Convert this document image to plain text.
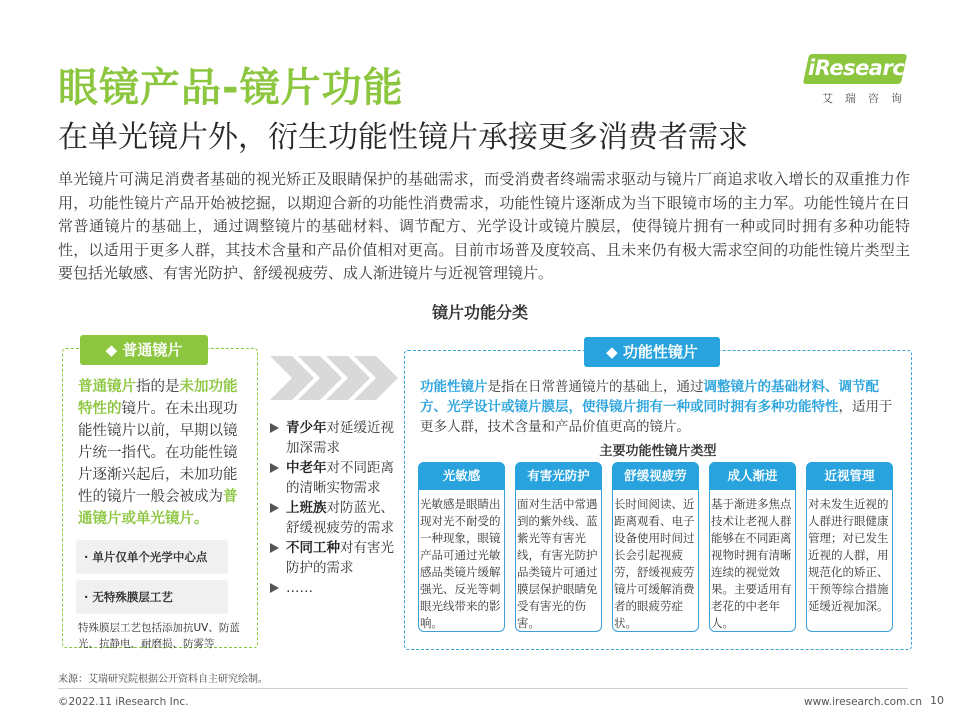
眼镜产品-镜片功能
在单光镜片外，衍生功能性镜片承接更多消费者需求
iResearch
艾瑞咨询
单光镜片可满足消费者基础的视光矫正及眼睛保护的基础需求，而受消费者终端需求驱动与镜片厂商追求收入增长的双重推力作用，功能性镜片产品开始被挖掘，以期迎合新的功能性消费需求，功能性镜片逐渐成为当下眼镜市场的主力军。功能性镜片在日常普通镜片的基础上，通过调整镜片的基础材料、调节配方、光学设计或镜片膜层，使得镜片拥有一种或同时拥有多种功能特性，以适用于更多人群，其技术含量和产品价值相对更高。目前市场普及度较高、且未来仍有极大需求空间的功能性镜片类型主要包括光敏感、有害光防护、舒缓视疲劳、成人渐进镜片与近视管理镜片。
镜片功能分类
◆ 普通镜片
普通镜片指的是未加功能特性的镜片。在未出现功能性镜片以前，早期以镜片统一指代。在功能性镜片逐渐兴起后，未加功能性的镜片一般会被成为普通镜片或单光镜片。
· 单片仅单个光学中心点
· 无特殊膜层工艺
特殊膜层工艺包括添加抗UV、防蓝光、抗静电、耐磨损、防雾等
青少年对延缓近视加深需求
中老年对不同距离的清晰实物需求
上班族对防蓝光、舒缓视疲劳的需求
不同工种对有害光防护的需求
……
◆ 功能性镜片
功能性镜片是指在日常普通镜片的基础上，通过调整镜片的基础材料、调节配方、光学设计或镜片膜层，使得镜片拥有一种或同时拥有多种功能特性，适用于更多人群，技术含量和产品价值更高的镜片。
主要功能性镜片类型
光敏感
光敏感是眼睛出现对光不耐受的一种现象，眼镜产品可通过光敏感品类镜片缓解强光、反光等刺眼光线带来的影响。
有害光防护
面对生活中常遇到的紫外线、蓝紫光等有害光线，有害光防护品类镜片可通过膜层保护眼睛免受有害光的伤害。
舒缓视疲劳
长时间阅读、近距离观看、电子设备使用时间过长会引起视疲劳，舒缓视疲劳镜片可缓解消费者的眼疲劳症状。
成人渐进
基于渐进多焦点技术让老视人群能够在不同距离视物时拥有清晰连续的视觉效果。主要适用有老花的中老年人。
近视管理
对未发生近视的人群进行眼健康管理；对已发生近视的人群，用规范化的矫正、干预等综合措施延缓近视加深。
来源：艾瑞研究院根据公开资料自主研究绘制。
©2022.11 iResearch Inc.	www.iresearch.com.cn 10
